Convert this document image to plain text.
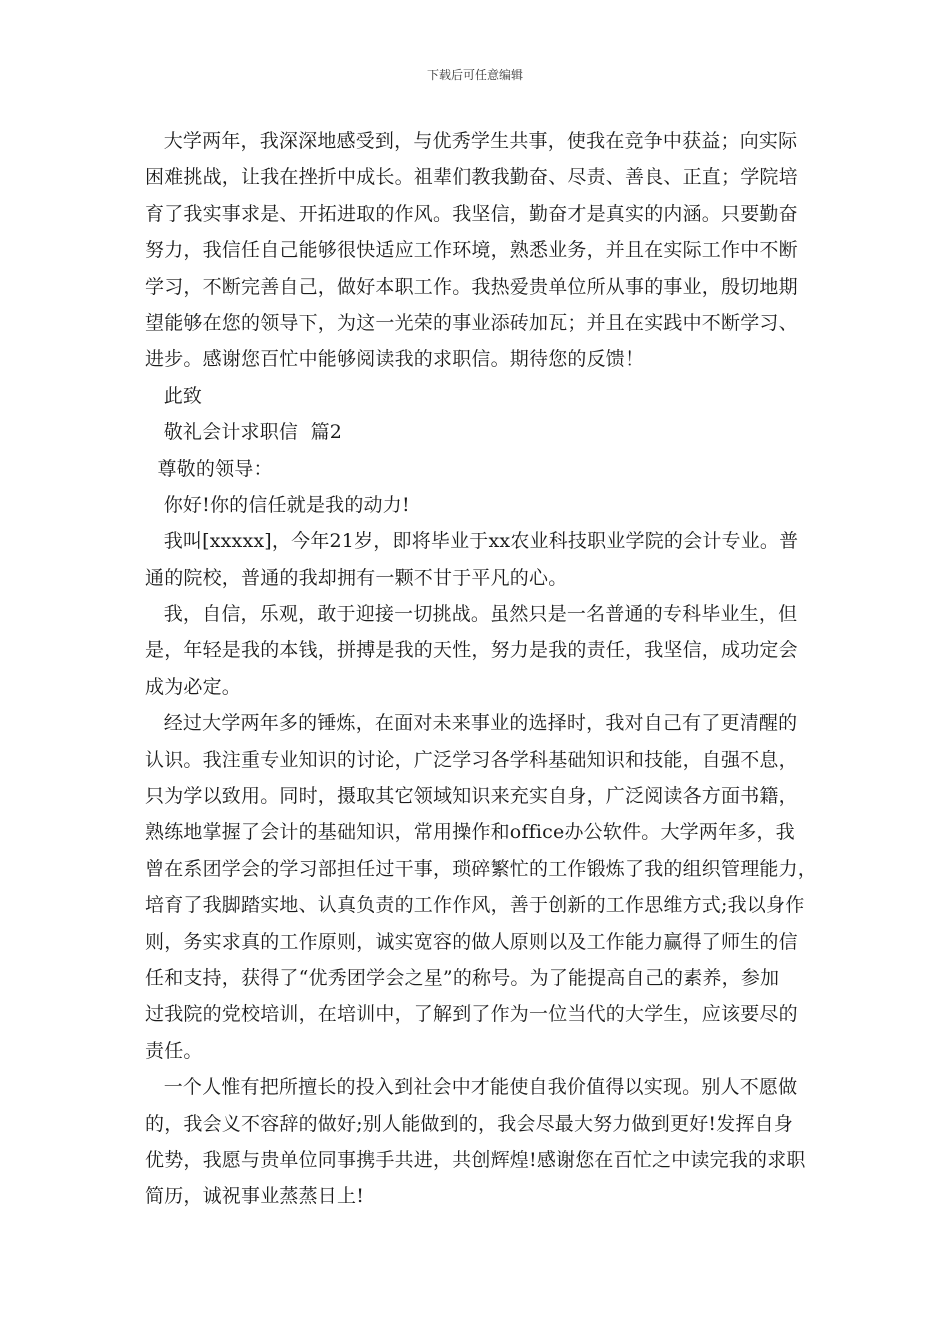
下载后可任意编辑
大学两年，我深深地感受到，与优秀学生共事，使我在竞争中获益；向实际
困难挑战，让我在挫折中成长。祖辈们教我勤奋、尽责、善良、正直；学院培
育了我实事求是、开拓进取的作风。我坚信，勤奋才是真实的内涵。只要勤奋
努力，我信任自己能够很快适应工作环境，熟悉业务，并且在实际工作中不断
学习，不断完善自己，做好本职工作。我热爱贵单位所从事的事业，殷切地期
望能够在您的领导下，为这一光荣的事业添砖加瓦；并且在实践中不断学习、
进步。感谢您百忙中能够阅读我的求职信。期待您的反馈！
此致
敬礼会计求职信  篇2
尊敬的领导：
你好!你的信任就是我的动力!
我叫[xxxxx]，今年21岁，即将毕业于xx农业科技职业学院的会计专业。普
通的院校，普通的我却拥有一颗不甘于平凡的心。
我，自信，乐观，敢于迎接一切挑战。虽然只是一名普通的专科毕业生，但
是，年轻是我的本钱，拼搏是我的天性，努力是我的责任，我坚信，成功定会
成为必定。
经过大学两年多的锤炼，在面对未来事业的选择时，我对自己有了更清醒的
认识。我注重专业知识的讨论，广泛学习各学科基础知识和技能，自强不息，
只为学以致用。同时，摄取其它领域知识来充实自身，广泛阅读各方面书籍，
熟练地掌握了会计的基础知识，常用操作和office办公软件。大学两年多，我
曾在系团学会的学习部担任过干事，琐碎繁忙的工作锻炼了我的组织管理能力，
培育了我脚踏实地、认真负责的工作作风，善于创新的工作思维方式;我以身作
则，务实求真的工作原则，诚实宽容的做人原则以及工作能力赢得了师生的信
任和支持，获得了“优秀团学会之星”的称号。为了能提高自己的素养，参加
过我院的党校培训，在培训中，了解到了作为一位当代的大学生，应该要尽的
责任。
一个人惟有把所擅长的投入到社会中才能使自我价值得以实现。别人不愿做
的，我会义不容辞的做好;别人能做到的，我会尽最大努力做到更好!发挥自身
优势，我愿与贵单位同事携手共进，共创辉煌!感谢您在百忙之中读完我的求职
简历，诚祝事业蒸蒸日上!
